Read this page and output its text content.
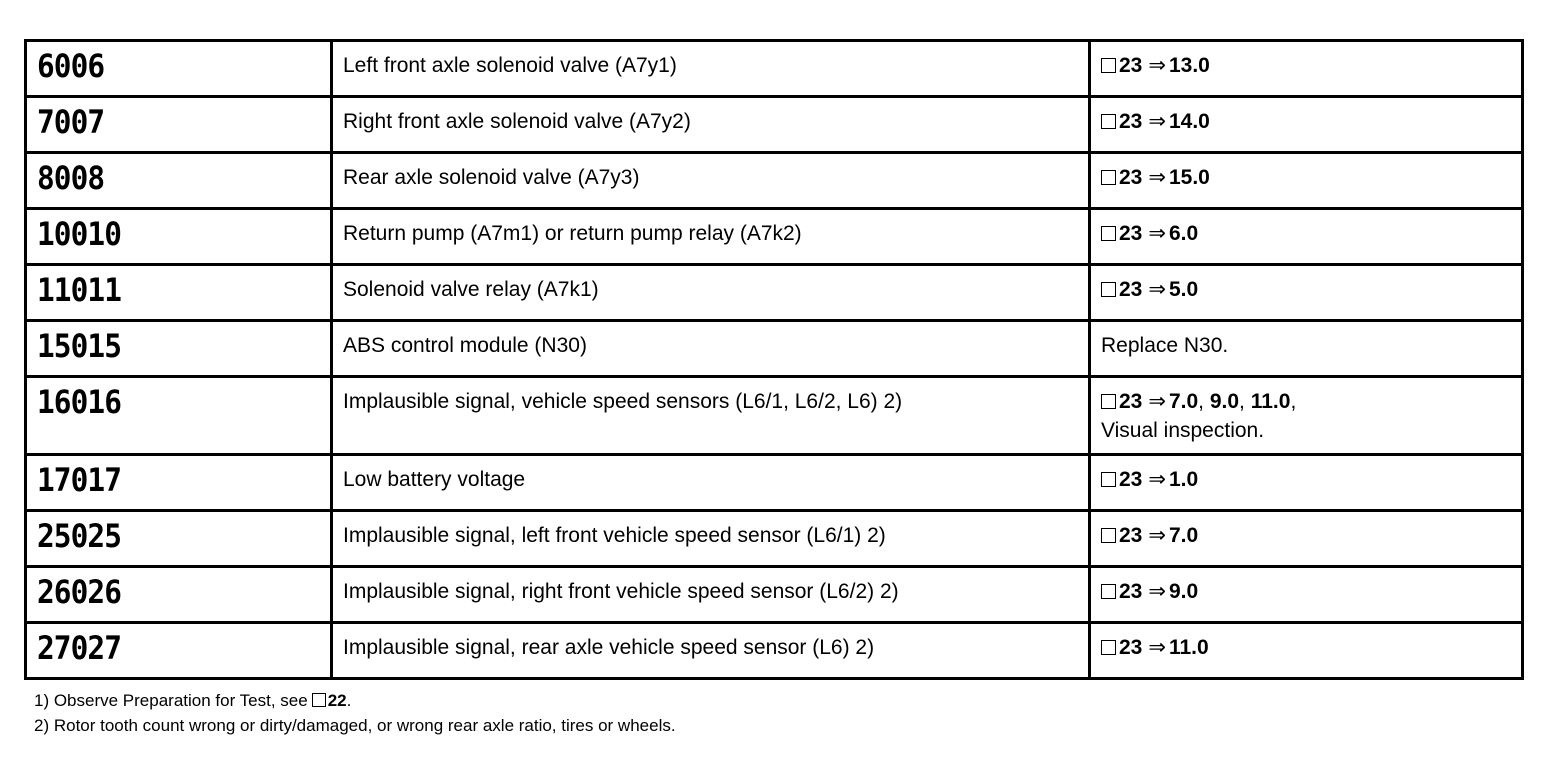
6006	Left front axle solenoid valve (A7y1)	23 ⇒ 13.0
7007	Right front axle solenoid valve (A7y2)	23 ⇒ 14.0
8008	Rear axle solenoid valve (A7y3)	23 ⇒ 15.0
10010	Return pump (A7m1) or return pump relay (A7k2)	23 ⇒ 6.0
11011	Solenoid valve relay (A7k1)	23 ⇒ 5.0
15015	ABS control module (N30)	Replace N30.
16016	Implausible signal, vehicle speed sensors (L6/1, L6/2, L6) 2)	23 ⇒ 7.0, 9.0, 11.0,
Visual inspection.
17017	Low battery voltage	23 ⇒ 1.0
25025	Implausible signal, left front vehicle speed sensor (L6/1) 2)	23 ⇒ 7.0
26026	Implausible signal, right front vehicle speed sensor (L6/2) 2)	23 ⇒ 9.0
27027	Implausible signal, rear axle vehicle speed sensor (L6) 2)	23 ⇒ 11.0
1) Observe Preparation for Test, see 22.
2) Rotor tooth count wrong or dirty/damaged, or wrong rear axle ratio, tires or wheels.
